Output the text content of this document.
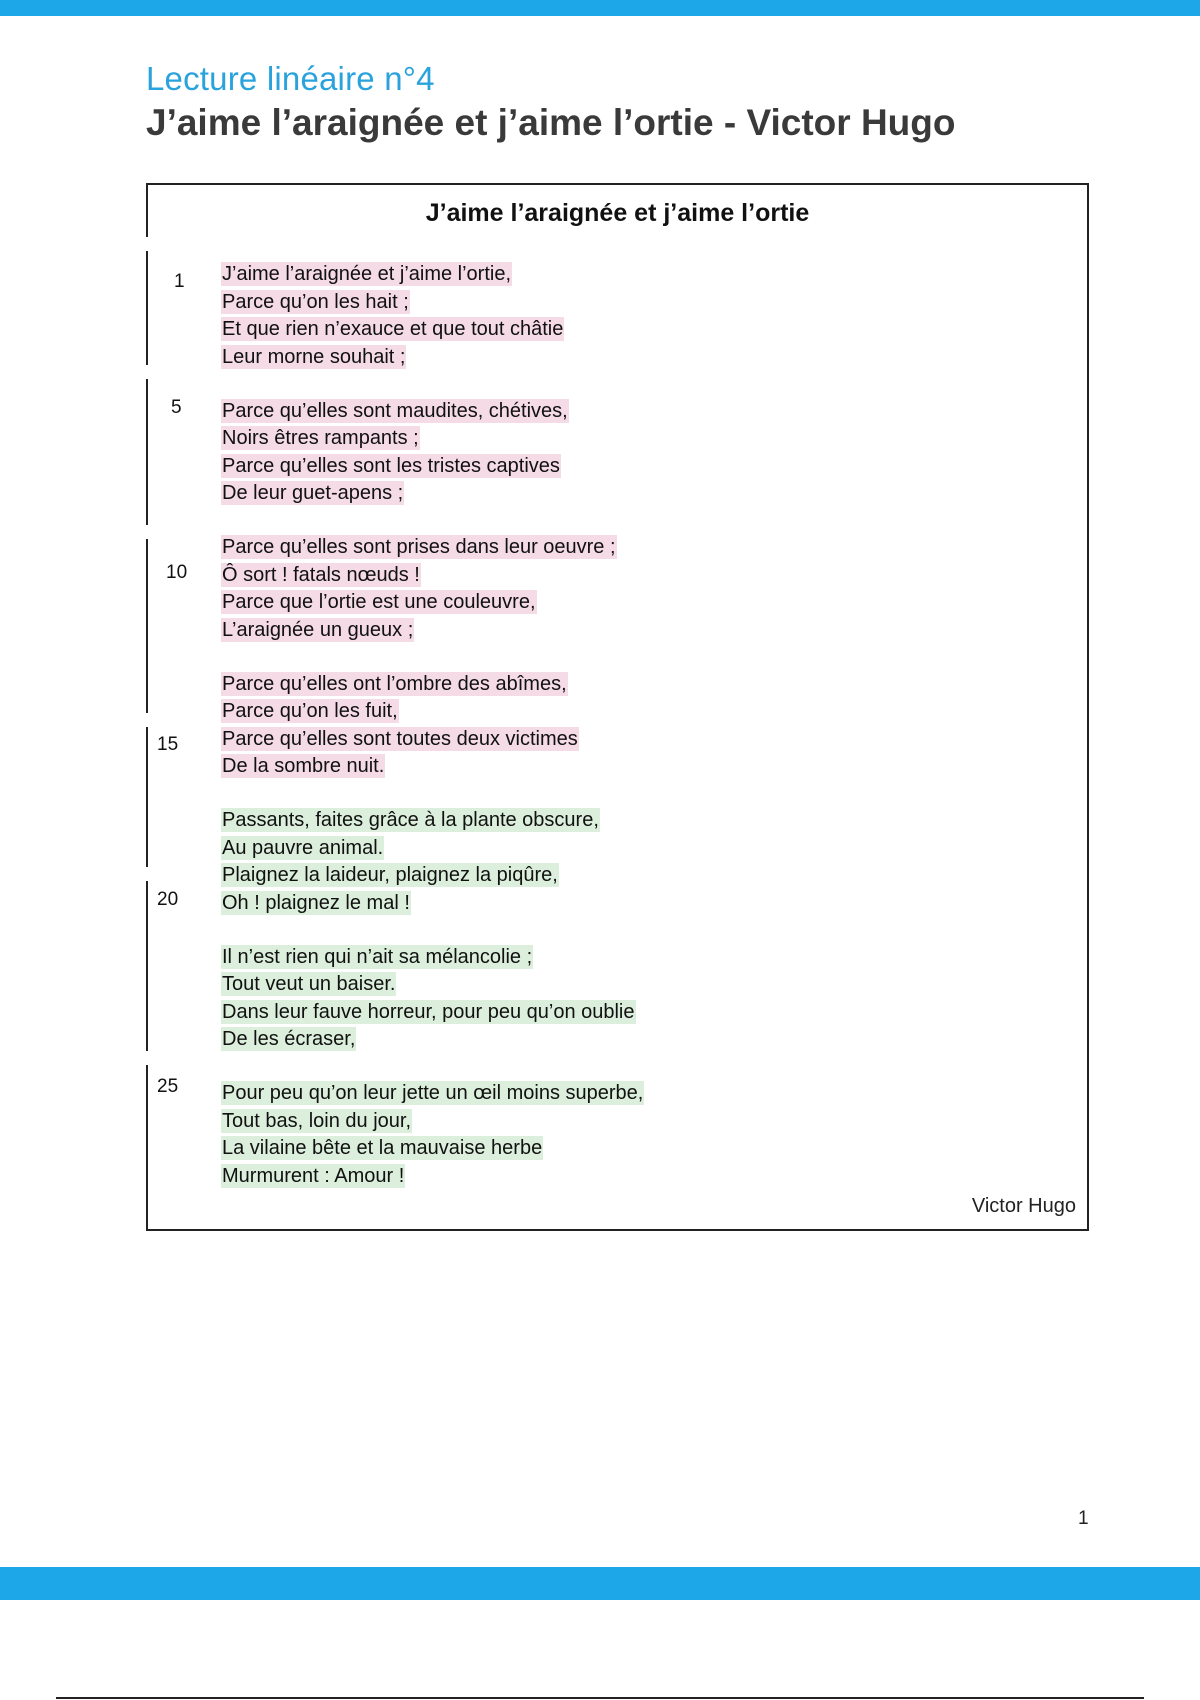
Lecture linéaire n°4
J’aime l’araignée et j’aime l’ortie - Victor Hugo
J’aime l’araignée et j’aime l’ortie
1
5
10
15
20
25
J’aime l’araignée et j’aime l’ortie,
Parce qu’on les hait ;
Et que rien n’exauce et que tout châtie
Leur morne souhait ;
Parce qu’elles sont maudites, chétives,
Noirs êtres rampants ;
Parce qu’elles sont les tristes captives
De leur guet-apens ;
Parce qu’elles sont prises dans leur oeuvre ;
Ô sort ! fatals nœuds !
Parce que l’ortie est une couleuvre,
L’araignée un gueux ;
Parce qu’elles ont l’ombre des abîmes,
Parce qu’on les fuit,
Parce qu’elles sont toutes deux victimes
De la sombre nuit.
Passants, faites grâce à la plante obscure,
Au pauvre animal.
Plaignez la laideur, plaignez la piqûre,
Oh ! plaignez le mal !
Il n’est rien qui n’ait sa mélancolie ;
Tout veut un baiser.
Dans leur fauve horreur, pour peu qu’on oublie
De les écraser,
Pour peu qu’on leur jette un œil moins superbe,
Tout bas, loin du jour,
La vilaine bête et la mauvaise herbe
Murmurent : Amour !
Victor Hugo
1
